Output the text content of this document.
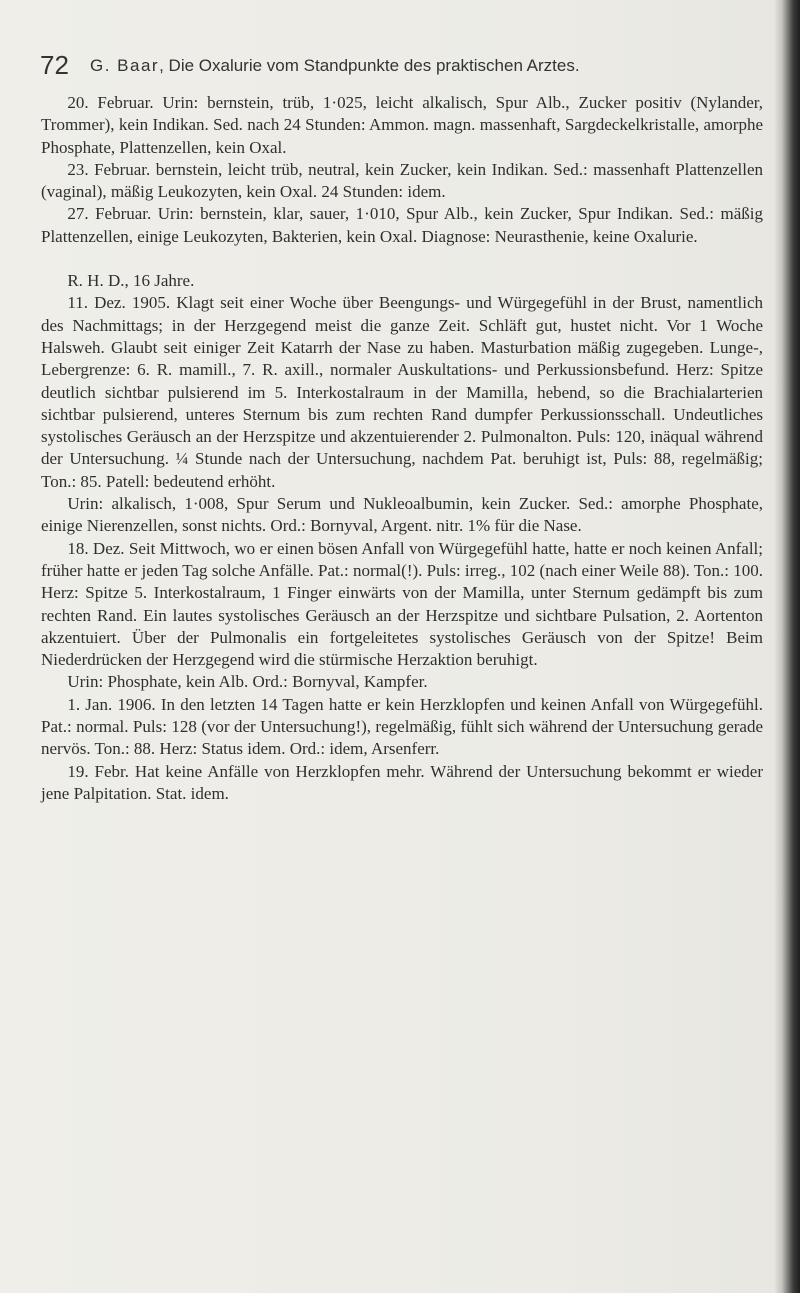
72 G. Baar, Die Oxalurie vom Standpunkte des praktischen Arztes.

20. Februar. Urin: bernstein, trüb, 1·025, leicht alkalisch, Spur Alb., Zucker positiv (Nylander, Trommer), kein Indikan. Sed. nach 24 Stunden: Ammon. magn. massenhaft, Sargdeckelkristalle, amorphe Phosphate, Plattenzellen, kein Oxal.

23. Februar. bernstein, leicht trüb, neutral, kein Zucker, kein Indikan. Sed.: massenhaft Plattenzellen (vaginal), mäßig Leukozyten, kein Oxal. 24 Stunden: idem.

27. Februar. Urin: bernstein, klar, sauer, 1·010, Spur Alb., kein Zucker, Spur Indikan. Sed.: mäßig Plattenzellen, einige Leukozyten, Bakterien, kein Oxal. Diagnose: Neurasthenie, keine Oxalurie.

R. H. D., 16 Jahre.

11. Dez. 1905. Klagt seit einer Woche über Beengungs- und Würgegefühl in der Brust, namentlich des Nachmittags; in der Herzgegend meist die ganze Zeit. Schläft gut, hustet nicht. Vor 1 Woche Halsweh. Glaubt seit einiger Zeit Katarrh der Nase zu haben. Masturbation mäßig zugegeben. Lunge-, Lebergrenze: 6. R. mamill., 7. R. axill., normaler Auskultations- und Perkussionsbefund. Herz: Spitze deutlich sichtbar pulsierend im 5. Interkostalraum in der Mamilla, hebend, so die Brachialarterien sichtbar pulsierend, unteres Sternum bis zum rechten Rand dumpfer Perkussionsschall. Undeutliches systolisches Geräusch an der Herzspitze und akzentuierender 2. Pulmonalton. Puls: 120, inäqual während der Untersuchung. ¼ Stunde nach der Untersuchung, nachdem Pat. beruhigt ist, Puls: 88, regelmäßig; Ton.: 85. Patell: bedeutend erhöht.

Urin: alkalisch, 1·008, Spur Serum und Nukleoalbumin, kein Zucker. Sed.: amorphe Phosphate, einige Nierenzellen, sonst nichts. Ord.: Bornyval, Argent. nitr. 1% für die Nase.

18. Dez. Seit Mittwoch, wo er einen bösen Anfall von Würgegefühl hatte, hatte er noch keinen Anfall; früher hatte er jeden Tag solche Anfälle. Pat.: normal(!). Puls: irreg., 102 (nach einer Weile 88). Ton.: 100. Herz: Spitze 5. Interkostalraum, 1 Finger einwärts von der Mamilla, unter Sternum gedämpft bis zum rechten Rand. Ein lautes systolisches Geräusch an der Herzspitze und sichtbare Pulsation, 2. Aortenton akzentuiert. Über der Pulmonalis ein fortgeleitetes systolisches Geräusch von der Spitze! Beim Niederdrücken der Herzgegend wird die stürmische Herzaktion beruhigt.

Urin: Phosphate, kein Alb. Ord.: Bornyval, Kampfer.

1. Jan. 1906. In den letzten 14 Tagen hatte er kein Herzklopfen und keinen Anfall von Würgegefühl. Pat.: normal. Puls: 128 (vor der Untersuchung!), regelmäßig, fühlt sich während der Untersuchung gerade nervös. Ton.: 88. Herz: Status idem. Ord.: idem, Arsenferr.

19. Febr. Hat keine Anfälle von Herzklopfen mehr. Während der Untersuchung bekommt er wieder jene Palpitation. Stat. idem.
